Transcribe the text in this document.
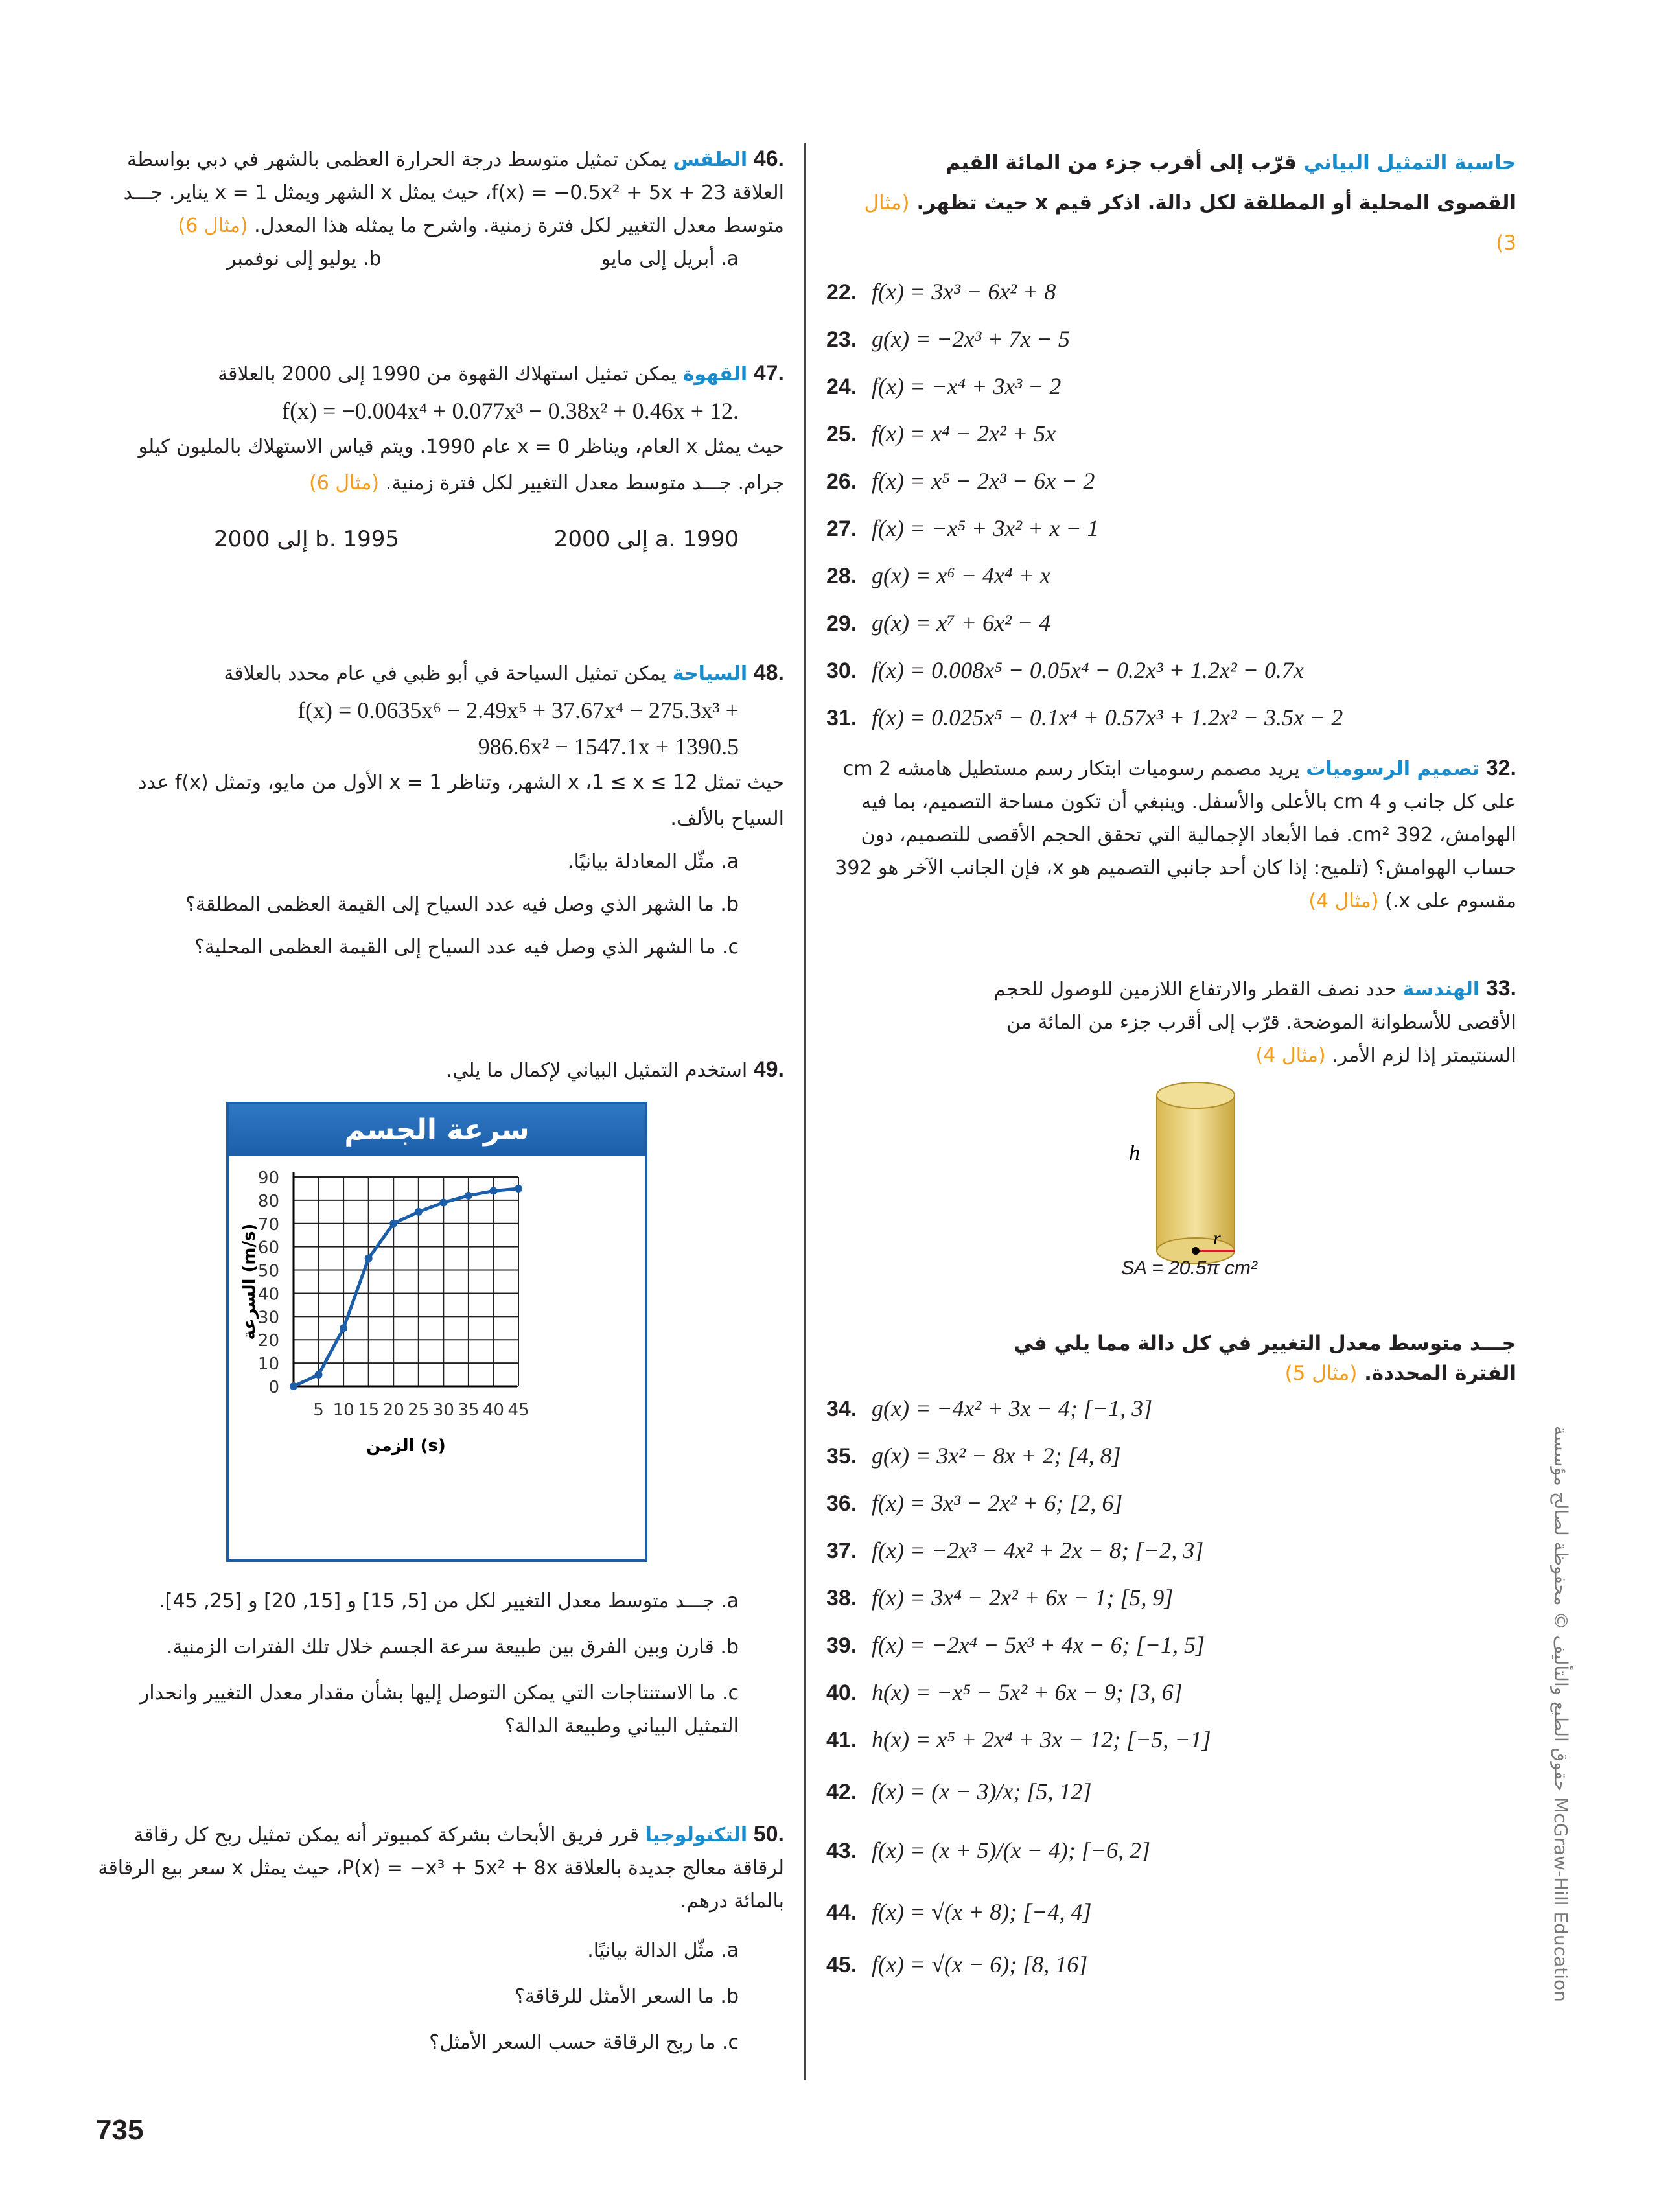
حاسبة التمثيل البياني قرّب إلى أقرب جزء من المائة القيم القصوى المحلية أو المطلقة لكل دالة. اذكر قيم x حيث تظهر. (مثال 3)
22. f(x) = 3x³ − 6x² + 8
23. g(x) = −2x³ + 7x − 5
24. f(x) = −x⁴ + 3x³ − 2
25. f(x) = x⁴ − 2x² + 5x
26. f(x) = x⁵ − 2x³ − 6x − 2
27. f(x) = −x⁵ + 3x² + x − 1
28. g(x) = x⁶ − 4x⁴ + x
29. g(x) = x⁷ + 6x² − 4
30. f(x) = 0.008x⁵ − 0.05x⁴ − 0.2x³ + 1.2x² − 0.7x
31. f(x) = 0.025x⁵ − 0.1x⁴ + 0.57x³ + 1.2x² − 3.5x − 2
.32 تصميم الرسوميات يريد مصمم رسوميات ابتكار رسم مستطيل هامشه 2 cm على كل جانب و 4 cm بالأعلى والأسفل. وينبغي أن تكون مساحة التصميم، بما فيه الهوامش، 392 cm². فما الأبعاد الإجمالية التي تحقق الحجم الأقصى للتصميم، دون حساب الهوامش؟ (تلميح: إذا كان أحد جانبي التصميم هو x، فإن الجانب الآخر هو 392 مقسوم على x.) (مثال 4)
.33 الهندسة حدد نصف القطر والارتفاع اللازمين للوصول للحجم الأقصى للأسطوانة الموضحة. قرّب إلى أقرب جزء من المائة من السنتيمتر إذا لزم الأمر. (مثال 4)
h
r
SA = 20.5π cm²
جـــد متوسط معدل التغيير في كل دالة مما يلي في الفترة المحددة. (مثال 5)
34. g(x) = −4x² + 3x − 4; [−1, 3]
35. g(x) = 3x² − 8x + 2; [4, 8]
36. f(x) = 3x³ − 2x² + 6; [2, 6]
37. f(x) = −2x³ − 4x² + 2x − 8; [−2, 3]
38. f(x) = 3x⁴ − 2x² + 6x − 1; [5, 9]
39. f(x) = −2x⁴ − 5x³ + 4x − 6; [−1, 5]
40. h(x) = −x⁵ − 5x² + 6x − 9; [3, 6]
41. h(x) = x⁵ + 2x⁴ + 3x − 12; [−5, −1]
42. f(x) = (x − 3)/x; [5, 12]
43. f(x) = (x + 5)/(x − 4); [−6, 2]
44. f(x) = √(x + 8); [−4, 4]
45. f(x) = √(x − 6); [8, 16]
حقوق الطبع والتأليف © محفوظة لصالح مؤسسة McGraw-Hill Education
.46 الطقس يمكن تمثيل متوسط درجة الحرارة العظمى بالشهر في دبي بواسطة العلاقة f(x) = −0.5x² + 5x + 23، حيث يمثل x الشهر ويمثل x = 1 يناير. جـــد متوسط معدل التغيير لكل فترة زمنية. واشرح ما يمثله هذا المعدل. (مثال 6)
a. أبريل إلى مايو
b. يوليو إلى نوفمبر
.47 القهوة يمكن تمثيل استهلاك القهوة من 1990 إلى 2000 بالعلاقة
f(x) = −0.004x⁴ + 0.077x³ − 0.38x² + 0.46x + 12.
حيث يمثل x العام، ويناظر x = 0 عام 1990. ويتم قياس الاستهلاك بالمليون كيلو جرام. جـــد متوسط معدل التغيير لكل فترة زمنية. (مثال 6)
a. 1990 إلى 2000
b. 1995 إلى 2000
.48 السياحة يمكن تمثيل السياحة في أبو ظبي في عام محدد بالعلاقة
f(x) = 0.0635x⁶ − 2.49x⁵ + 37.67x⁴ − 275.3x³ + 986.6x² − 1547.1x + 1390.5
حيث تمثل x ،1 ≤ x ≤ 12 الشهر، وتناظر x = 1 الأول من مايو، وتمثل f(x) عدد السياح بالألف.
a. مثّل المعادلة بيانيًا.
b. ما الشهر الذي وصل فيه عدد السياح إلى القيمة العظمى المطلقة؟
c. ما الشهر الذي وصل فيه عدد السياح إلى القيمة العظمى المحلية؟
.49 استخدم التمثيل البياني لإكمال ما يلي.
سرعة الجسم
0
10
20
30
40
50
60
70
80
90
5 10 15 20 25 30 35 40 45
الزمن (s)
السرعة (m/s)
a. جـــد متوسط معدل التغيير لكل من [5, 15] و [15, 20] و [25, 45].
b. قارن وبين الفرق بين طبيعة سرعة الجسم خلال تلك الفترات الزمنية.
c. ما الاستنتاجات التي يمكن التوصل إليها بشأن مقدار معدل التغيير وانحدار التمثيل البياني وطبيعة الدالة؟
.50 التكنولوجيا قرر فريق الأبحاث بشركة كمبيوتر أنه يمكن تمثيل ربح كل رقاقة لرقاقة معالج جديدة بالعلاقة P(x) = −x³ + 5x² + 8x، حيث يمثل x سعر بيع الرقاقة بالمائة درهم.
a. مثّل الدالة بيانيًا.
b. ما السعر الأمثل للرقاقة؟
c. ما ربح الرقاقة حسب السعر الأمثل؟
735
